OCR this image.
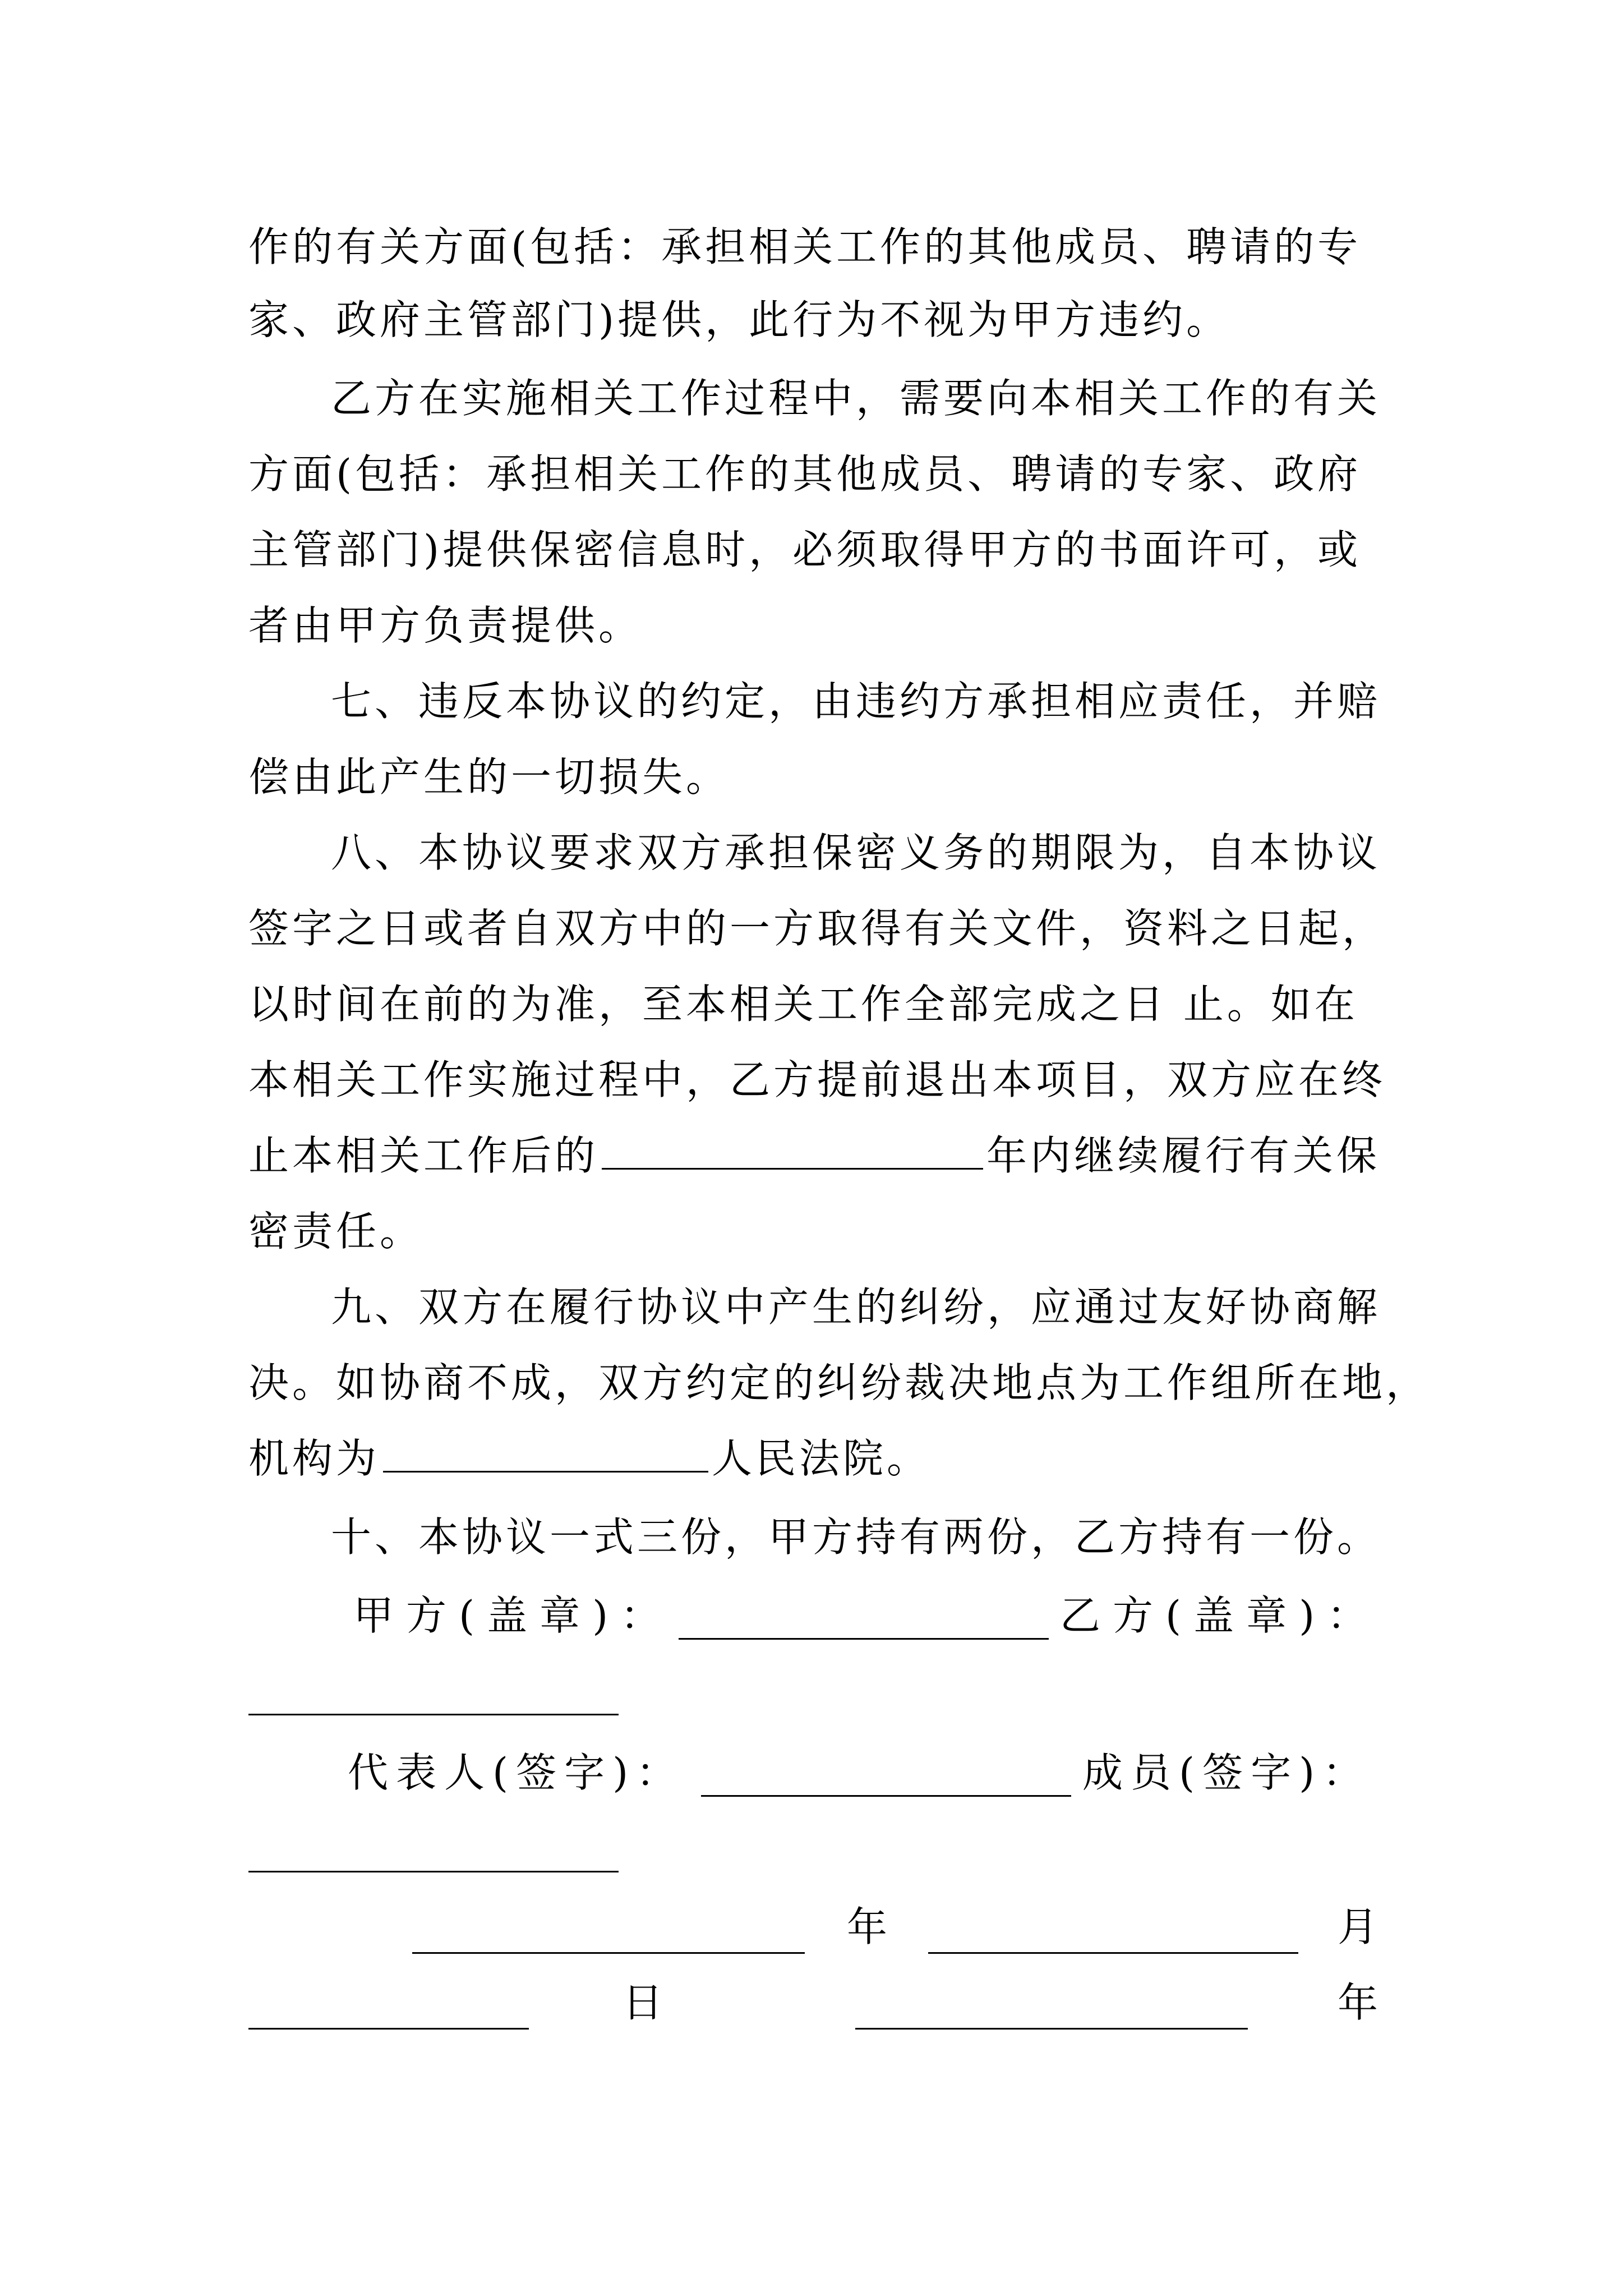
作的有关方面(包括：承担相关工作的其他成员、聘请的专
家、政府主管部门)提供，此行为不视为甲方违约。
乙方在实施相关工作过程中，需要向本相关工作的有关
方面(包括：承担相关工作的其他成员、聘请的专家、政府
主管部门)提供保密信息时，必须取得甲方的书面许可，或
者由甲方负责提供。
七、违反本协议的约定，由违约方承担相应责任，并赔
偿由此产生的一切损失。
八、本协议要求双方承担保密义务的期限为，自本协议
签字之日或者自双方中的一方取得有关文件，资料之日起，
以时间在前的为准，至本相关工作全部完成之日 止。如在
本相关工作实施过程中，乙方提前退出本项目，双方应在终
止本相关工作后的	年内继续履行有关保
密责任。
九、双方在履行协议中产生的纠纷，应通过友好协商解
决。如协商不成，双方约定的纠纷裁决地点为工作组所在地，
机构为	人民法院。
十、本协议一式三份，甲方持有两份，乙方持有一份。
甲方(盖章)：	乙方(盖章)：
代表人(签字)：	成员(签字)：
年	月
日	年
